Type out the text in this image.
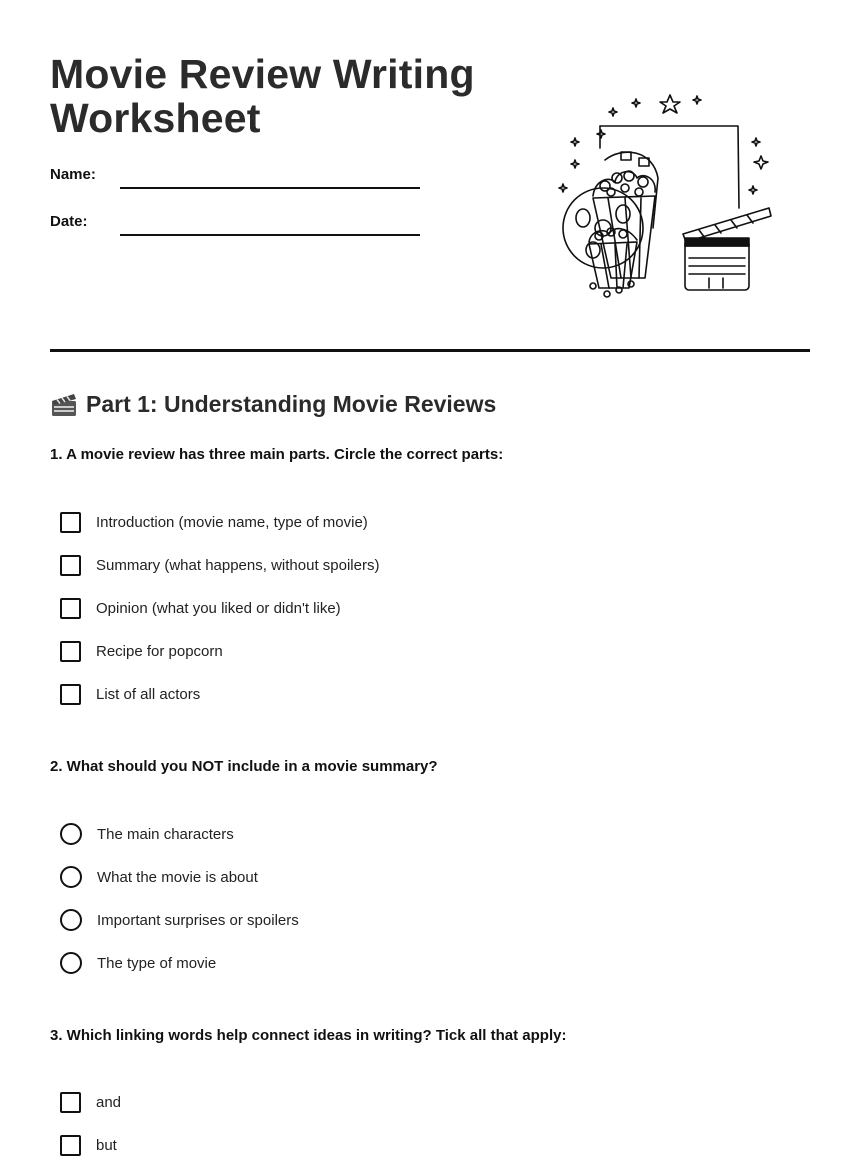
Movie Review Writing
Worksheet
Name:
Date:
Part 1: Understanding Movie Reviews

1. A movie review has three main parts. Circle the correct parts:

Introduction (movie name, type of movie)
Summary (what happens, without spoilers)
Opinion (what you liked or didn't like)
Recipe for popcorn
List of all actors

2. What should you NOT include in a movie summary?

The main characters
What the movie is about
Important surprises or spoilers
The type of movie

3. Which linking words help connect ideas in writing? Tick all that apply:

and
but
